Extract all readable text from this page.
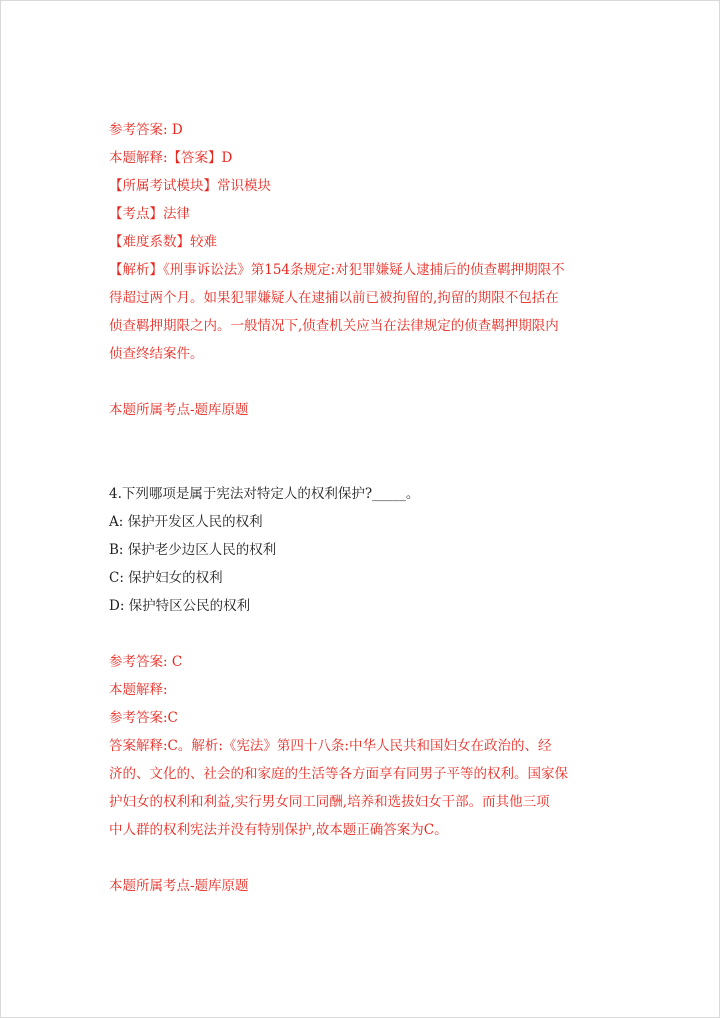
参考答案: D
本题解释:【答案】D
【所属考试模块】常识模块
【考点】法律
【难度系数】较难
【解析】《刑事诉讼法》第154条规定:对犯罪嫌疑人逮捕后的侦查羁押期限不
得超过两个月。如果犯罪嫌疑人在逮捕以前已被拘留的,拘留的期限不包括在
侦查羁押期限之内。一般情况下,侦查机关应当在法律规定的侦查羁押期限内
侦查终结案件。
本题所属考点-题库原题
4.下列哪项是属于宪法对特定人的权利保护?_____。
A: 保护开发区人民的权利
B: 保护老少边区人民的权利
C: 保护妇女的权利
D: 保护特区公民的权利
参考答案: C
本题解释:
参考答案:C
答案解释:C。解析:《宪法》第四十八条:中华人民共和国妇女在政治的、经
济的、文化的、社会的和家庭的生活等各方面享有同男子平等的权利。国家保
护妇女的权利和利益,实行男女同工同酬,培养和选拔妇女干部。而其他三项
中人群的权利宪法并没有特别保护,故本题正确答案为C。
本题所属考点-题库原题
